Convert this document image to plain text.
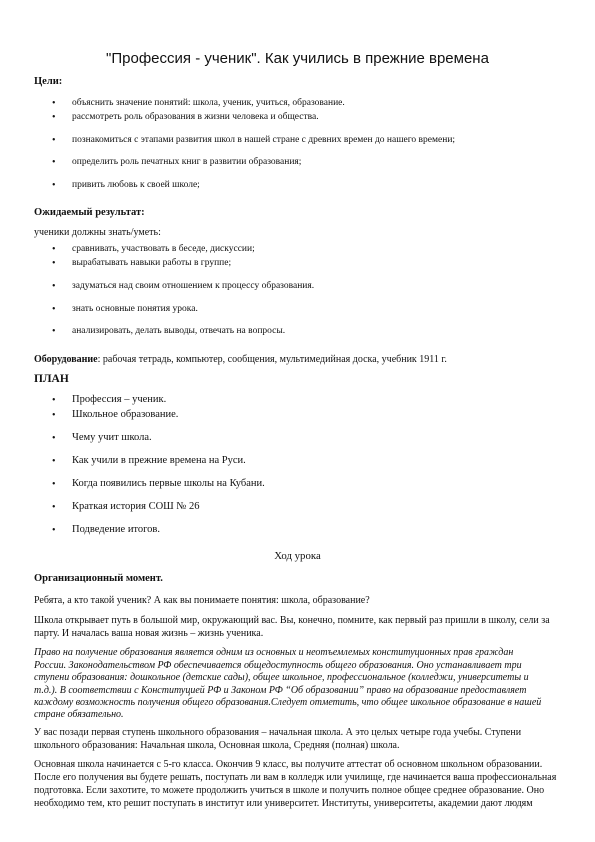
"Профессия - ученик". Как учились в прежние времена
Цели:
•
объяснить значение понятий: школа, ученик, учиться, образование.
•
рассмотреть роль образования в жизни человека и общества.
•
познакомиться с этапами развития школ в нашей стране с древних времен до нашего времени;
•
определить роль печатных книг в развитии образования;
•
привить любовь к своей школе;
Ожидаемый результат:
ученики должны знать/уметь:
•
сравнивать, участвовать в беседе, дискуссии;
•
вырабатывать навыки работы в группе;
•
задуматься над своим отношением к процессу образования.
•
знать основные понятия урока.
•
анализировать, делать выводы, отвечать на вопросы.
Оборудование: рабочая тетрадь, компьютер, сообщения, мультимедийная доска, учебник 1911 г.
ПЛАН
•
Профессия – ученик.
•
Школьное образование.
•
Чему учит школа.
•
Как учили в прежние времена на Руси.
•
Когда появились первые школы на Кубани.
•
Краткая история СОШ № 26
•
Подведение итогов.
Ход урока
Организационный момент.
Ребята, а кто такой ученик? А как вы понимаете понятия: школа, образование?
Школа открывает путь в большой мир, окружающий вас. Вы, конечно, помните, как первый раз пришли в школу, сели за
парту. И началась ваша новая жизнь – жизнь ученика.
Право на получение образования является одним из основных и неотъемлемых конституционных прав граждан
России. Законодательством РФ обеспечивается общедоступность общего образования. Оно устанавливает три
ступени образования: дошкольное (детские сады), общее школьное, профессиональное (колледжи, университеты и
т.д.). В соответствии с Конституцией РФ и Законом РФ “Об образовании” право на образование предоставляет
каждому возможность получения общего образования.Следует отметить, что общее школьное образование в нашей
стране обязательно.
У вас позади первая ступень школьного образования – начальная школа. А это целых четыре года учебы. Ступени
школьного образования: Начальная школа, Основная школа, Средняя (полная) школа.
Основная школа начинается с 5-го класса. Окончив 9 класс, вы получите аттестат об основном школьном образовании.
После его получения вы будете решать, поступать ли вам в колледж или училище, где начинается ваша профессиональная
подготовка. Если захотите, то можете продолжить учиться в школе и получить полное общее среднее образование. Оно
необходимо тем, кто решит поступать в институт или университет. Институты, университеты, академии дают людям
